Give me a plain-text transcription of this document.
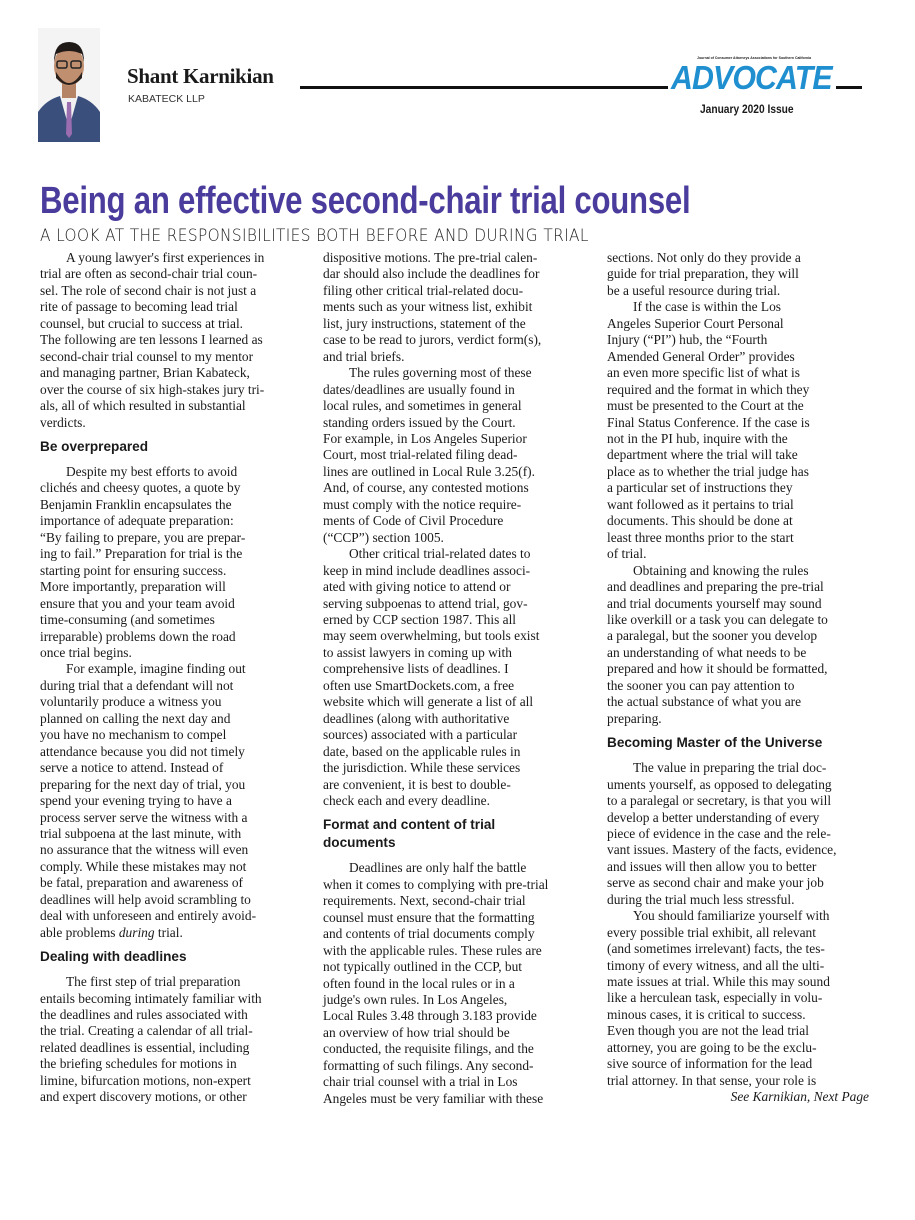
Shant Karnikian
KABATECK LLP
Journal of Consumer Attorneys Associations for Southern California
ADVOCATE
January 2020 Issue
Being an effective second-chair trial counsel
A LOOK AT THE RESPONSIBILITIES BOTH BEFORE AND DURING TRIAL
A young lawyer's first experiences in
trial are often as second-chair trial coun-
sel. The role of second chair is not just a
rite of passage to becoming lead trial
counsel, but crucial to success at trial.
The following are ten lessons I learned as
second-chair trial counsel to my mentor
and managing partner, Brian Kabateck,
over the course of six high-stakes jury tri-
als, all of which resulted in substantial
verdicts.
Be overprepared
Despite my best efforts to avoid
clichés and cheesy quotes, a quote by
Benjamin Franklin encapsulates the
importance of adequate preparation:
“By failing to prepare, you are prepar-
ing to fail.” Preparation for trial is the
starting point for ensuring success.
More importantly, preparation will
ensure that you and your team avoid
time-consuming (and sometimes
irreparable) problems down the road
once trial begins.
For example, imagine finding out
during trial that a defendant will not
voluntarily produce a witness you
planned on calling the next day and
you have no mechanism to compel
attendance because you did not timely
serve a notice to attend. Instead of
preparing for the next day of trial, you
spend your evening trying to have a
process server serve the witness with a
trial subpoena at the last minute, with
no assurance that the witness will even
comply. While these mistakes may not
be fatal, preparation and awareness of
deadlines will help avoid scrambling to
deal with unforeseen and entirely avoid-
able problems during trial.
Dealing with deadlines
The first step of trial preparation
entails becoming intimately familiar with
the deadlines and rules associated with
the trial. Creating a calendar of all trial-
related deadlines is essential, including
the briefing schedules for motions in
limine, bifurcation motions, non-expert
and expert discovery motions, or other
dispositive motions. The pre-trial calen-
dar should also include the deadlines for
filing other critical trial-related docu-
ments such as your witness list, exhibit
list, jury instructions, statement of the
case to be read to jurors, verdict form(s),
and trial briefs.
The rules governing most of these
dates/deadlines are usually found in
local rules, and sometimes in general
standing orders issued by the Court.
For example, in Los Angeles Superior
Court, most trial-related filing dead-
lines are outlined in Local Rule 3.25(f).
And, of course, any contested motions
must comply with the notice require-
ments of Code of Civil Procedure
(“CCP”) section 1005.
Other critical trial-related dates to
keep in mind include deadlines associ-
ated with giving notice to attend or
serving subpoenas to attend trial, gov-
erned by CCP section 1987. This all
may seem overwhelming, but tools exist
to assist lawyers in coming up with
comprehensive lists of deadlines. I
often use SmartDockets.com, a free
website which will generate a list of all
deadlines (along with authoritative
sources) associated with a particular
date, based on the applicable rules in
the jurisdiction. While these services
are convenient, it is best to double-
check each and every deadline.
Format and content of trial
documents
Deadlines are only half the battle
when it comes to complying with pre-trial
requirements. Next, second-chair trial
counsel must ensure that the formatting
and contents of trial documents comply
with the applicable rules. These rules are
not typically outlined in the CCP, but
often found in the local rules or in a
judge's own rules. In Los Angeles,
Local Rules 3.48 through 3.183 provide
an overview of how trial should be
conducted, the requisite filings, and the
formatting of such filings. Any second-
chair trial counsel with a trial in Los
Angeles must be very familiar with these
sections. Not only do they provide a
guide for trial preparation, they will
be a useful resource during trial.
If the case is within the Los
Angeles Superior Court Personal
Injury (“PI”) hub, the “Fourth
Amended General Order” provides
an even more specific list of what is
required and the format in which they
must be presented to the Court at the
Final Status Conference. If the case is
not in the PI hub, inquire with the
department where the trial will take
place as to whether the trial judge has
a particular set of instructions they
want followed as it pertains to trial
documents. This should be done at
least three months prior to the start
of trial.
Obtaining and knowing the rules
and deadlines and preparing the pre-trial
and trial documents yourself may sound
like overkill or a task you can delegate to
a paralegal, but the sooner you develop
an understanding of what needs to be
prepared and how it should be formatted,
the sooner you can pay attention to
the actual substance of what you are
preparing.
Becoming Master of the Universe
The value in preparing the trial doc-
uments yourself, as opposed to delegating
to a paralegal or secretary, is that you will
develop a better understanding of every
piece of evidence in the case and the rele-
vant issues. Mastery of the facts, evidence,
and issues will then allow you to better
serve as second chair and make your job
during the trial much less stressful.
You should familiarize yourself with
every possible trial exhibit, all relevant
(and sometimes irrelevant) facts, the tes-
timony of every witness, and all the ulti-
mate issues at trial. While this may sound
like a herculean task, especially in volu-
minous cases, it is critical to success.
Even though you are not the lead trial
attorney, you are going to be the exclu-
sive source of information for the lead
trial attorney. In that sense, your role is
See Karnikian, Next Page
